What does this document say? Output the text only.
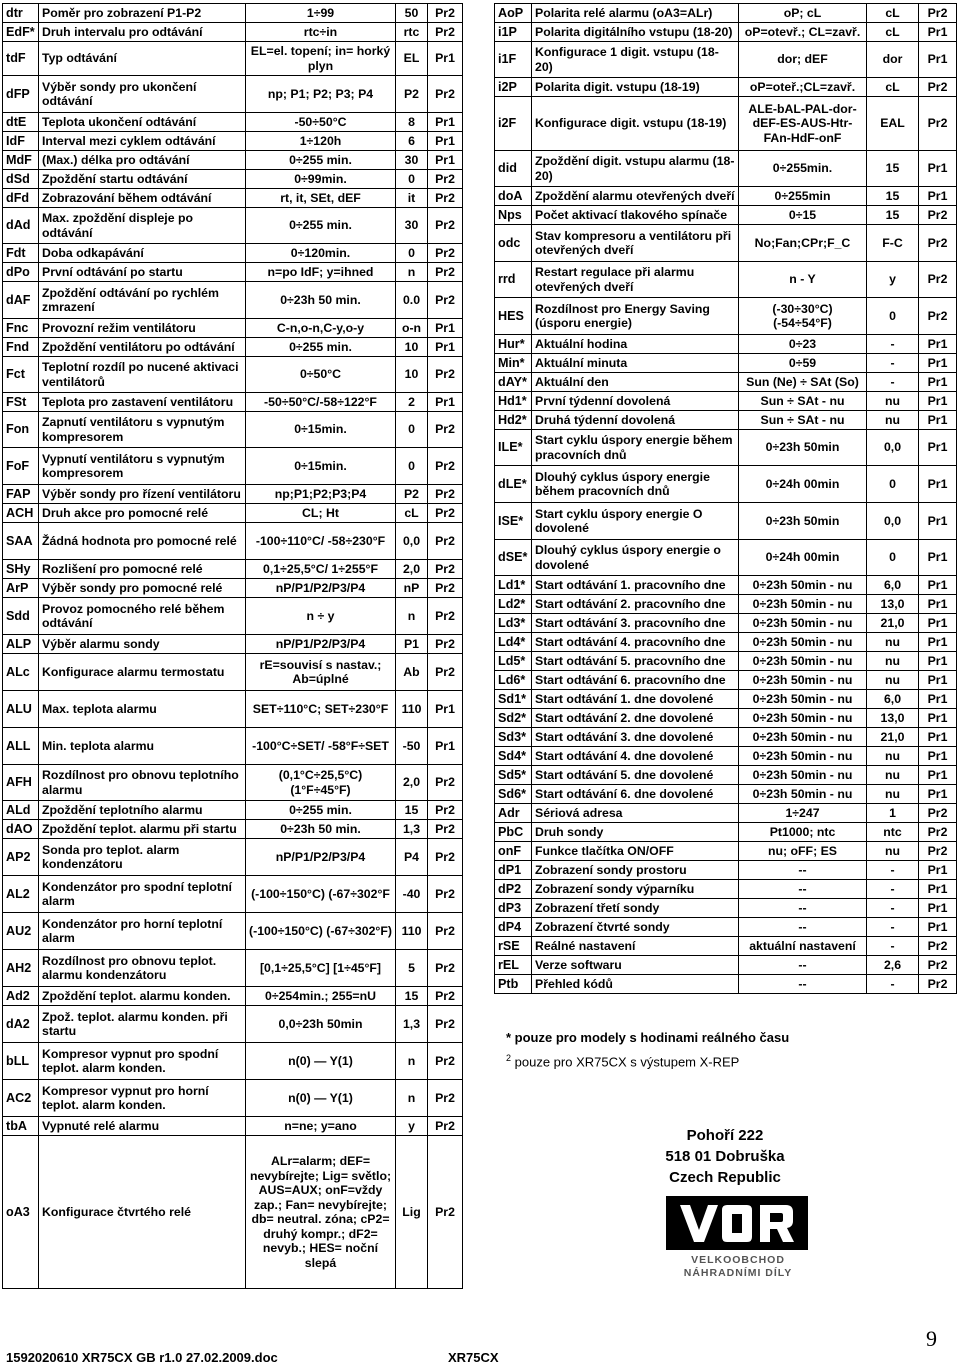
dtr	Poměr pro zobrazení P1-P2	1÷99	50	Pr2
EdF*	Druh intervalu pro odtávání	rtc÷in	rtc	Pr2
tdF	Typ odtávání	EL=el. topení; in= horký plyn	EL	Pr1
dFP	Výběr sondy pro ukončení odtávání	np; P1; P2; P3; P4	P2	Pr2
dtE	Teplota ukončení odtávání	-50÷50°C	8	Pr1
IdF	Interval mezi cyklem odtávání	1÷120h	6	Pr1
MdF	(Max.) délka pro odtávání	0÷255 min.	30	Pr1
dSd	Zpoždění startu odtávání	0÷99min.	0	Pr2
dFd	Zobrazování během odtávání	rt, it, SEt, dEF	it	Pr2
dAd	Max. zpoždění displeje po odtávání	0÷255 min.	30	Pr2
Fdt	Doba odkapávání	0÷120min.	0	Pr2
dPo	První odtávání po startu	n=po IdF; y=ihned	n	Pr2
dAF	Zpoždění odtávání po rychlém zmrazení	0÷23h 50 min.	0.0	Pr2
Fnc	Provozní režim ventilátoru	C-n,o-n,C-y,o-y	o-n	Pr1
Fnd	Zpoždění ventilátoru po odtávání	0÷255 min.	10	Pr1
Fct	Teplotní rozdíl po nucené aktivaci ventilátorů	0÷50°C	10	Pr2
FSt	Teplota pro zastavení ventilátoru	-50÷50°C/-58÷122°F	2	Pr1
Fon	Zapnutí ventilátoru s vypnutým kompresorem	0÷15min.	0	Pr2
FoF	Vypnutí ventilátoru s vypnutým kompresorem	0÷15min.	0	Pr2
FAP	Výběr sondy pro řízení ventilátoru	np;P1;P2;P3;P4	P2	Pr2
ACH	Druh akce pro pomocné relé	CL; Ht	cL	Pr2
SAA	Žádná hodnota pro pomocné relé	-100÷110°C/ -58÷230°F	0,0	Pr2
SHy	Rozlišení pro pomocné relé	0,1÷25,5°C/ 1÷255°F	2,0	Pr2
ArP	Výběr sondy pro pomocné relé	nP/P1/P2/P3/P4	nP	Pr2
Sdd	Provoz pomocného relé během odtávání	n ÷ y	n	Pr2
ALP	Výběr alarmu sondy	nP/P1/P2/P3/P4	P1	Pr2
ALc	Konfigurace alarmu termostatu	rE=souvisí s nastav.; Ab=úplné	Ab	Pr2
ALU	Max. teplota alarmu	SET÷110°C; SET÷230°F	110	Pr1
ALL	Min. teplota alarmu	-100°C÷SET/ -58°F÷SET	-50	Pr1
AFH	Rozdílnost pro obnovu teplotního alarmu	(0,1°C÷25,5°C) (1°F÷45°F)	2,0	Pr2
ALd	Zpoždění teplotního alarmu	0÷255 min.	15	Pr2
dAO	Zpoždění teplot. alarmu při startu	0÷23h 50 min.	1,3	Pr2
AP2	Sonda pro teplot. alarm kondenzátoru	nP/P1/P2/P3/P4	P4	Pr2
AL2	Kondenzátor pro spodní teplotní alarm	(-100÷150°C) (-67÷302°F	-40	Pr2
AU2	Kondenzátor pro horní teplotní alarm	(-100÷150°C) (-67÷302°F)	110	Pr2
AH2	Rozdílnost pro obnovu teplot. alarmu kondenzátoru	[0,1÷25,5°C] [1÷45°F]	5	Pr2
Ad2	Zpoždění teplot. alarmu konden.	0÷254min.; 255=nU	15	Pr2
dA2	Zpož. teplot. alarmu konden. při startu	0,0÷23h 50min	1,3	Pr2
bLL	Kompresor vypnut pro spodní teplot. alarm konden.	n(0) — Y(1)	n	Pr2
AC2	Kompresor vypnut pro horní teplot. alarm konden.	n(0) — Y(1)	n	Pr2
tbA	Vypnuté relé alarmu	n=ne; y=ano	y	Pr2
oA3	Konfigurace čtvrtého relé	ALr=alarm; dEF= nevybírejte; Lig= světlo; AUS=AUX; onF=vždy zap.; Fan= nevybírejte; db= neutral. zóna; cP2= druhý kompr.; dF2= nevyb.; HES= noční slepá	Lig	Pr2
AoP	Polarita relé alarmu (oA3=ALr)	oP; cL	cL	Pr2
i1P	Polarita digitálního vstupu (18-20)	oP=otevř.; CL=zavř.	cL	Pr1
i1F	Konfigurace 1 digit. vstupu (18-20)	dor; dEF	dor	Pr1
i2P	Polarita digit. vstupu (18-19)	oP=oteř.;CL=zavř.	cL	Pr2
i2F	Konfigurace digit. vstupu (18-19)	ALE-bAL-PAL-dor-dEF-ES-AUS-Htr-FAn-HdF-onF	EAL	Pr2
did	Zpoždění digit. vstupu alarmu (18-20)	0÷255min.	15	Pr1
doA	Zpoždění alarmu otevřených dveří	0÷255min	15	Pr1
Nps	Počet aktivací tlakového spínače	0÷15	15	Pr2
odc	Stav kompresoru a ventilátoru při otevřených dveří	No;Fan;CPr;F_C	F-C	Pr2
rrd	Restart regulace při alarmu otevřených dveří	n - Y	y	Pr2
HES	Rozdílnost pro Energy Saving (úsporu energie)	(-30÷30°C) (-54÷54°F)	0	Pr2
Hur*	Aktuální hodina	0÷23	-	Pr1
Min*	Aktuální minuta	0÷59	-	Pr1
dAY*	Aktuální den	Sun (Ne) ÷ SAt (So)	-	Pr1
Hd1*	První týdenní dovolená	Sun ÷ SAt - nu	nu	Pr1
Hd2*	Druhá týdenní dovolená	Sun ÷ SAt - nu	nu	Pr1
ILE*	Start cyklu úspory energie během pracovních dnů	0÷23h 50min	0,0	Pr1
dLE*	Dlouhý cyklus úspory energie během pracovních dnů	0÷24h 00min	0	Pr1
ISE*	Start cyklu úspory energie O dovolené	0÷23h 50min	0,0	Pr1
dSE*	Dlouhý cyklus úspory energie o dovolené	0÷24h 00min	0	Pr1
Ld1*	Start odtávání 1. pracovního dne	0÷23h 50min - nu	6,0	Pr1
Ld2*	Start odtávání 2. pracovního dne	0÷23h 50min - nu	13,0	Pr1
Ld3*	Start odtávání 3. pracovního dne	0÷23h 50min - nu	21,0	Pr1
Ld4*	Start odtávání 4. pracovního dne	0÷23h 50min - nu	nu	Pr1
Ld5*	Start odtávání 5. pracovního dne	0÷23h 50min - nu	nu	Pr1
Ld6*	Start odtávání 6. pracovního dne	0÷23h 50min - nu	nu	Pr1
Sd1*	Start odtávání 1. dne dovolené	0÷23h 50min - nu	6,0	Pr1
Sd2*	Start odtávání 2. dne dovolené	0÷23h 50min - nu	13,0	Pr1
Sd3*	Start odtávání 3. dne dovolené	0÷23h 50min - nu	21,0	Pr1
Sd4*	Start odtávání 4. dne dovolené	0÷23h 50min - nu	nu	Pr1
Sd5*	Start odtávání 5. dne dovolené	0÷23h 50min - nu	nu	Pr1
Sd6*	Start odtávání 6. dne dovolené	0÷23h 50min - nu	nu	Pr1
Adr	Sériová adresa	1÷247	1	Pr2
PbC	Druh sondy	Pt1000; ntc	ntc	Pr2
onF	Funkce tlačítka ON/OFF	nu; oFF; ES	nu	Pr2
dP1	Zobrazení sondy prostoru	--	-	Pr1
dP2	Zobrazení sondy výparníku	--	-	Pr1
dP3	Zobrazení třetí sondy	--	-	Pr1
dP4	Zobrazení čtvrté sondy	--	-	Pr1
rSE	Reálné nastavení	aktuální nastavení	-	Pr2
rEL	Verze softwaru	--	2,6	Pr2
Ptb	Přehled kódů	--	-	Pr2
* pouze pro modely s hodinami reálného času
$^2$ pouze pro XR75CX s výstupem X-REP
Pohoří 222
518 01 Dobruška
Czech Republic
VELKOOBCHOD
NÁHRADNÍMI DÍLY
1592020610 XR75CX GB r1.0 27.02.2009.doc	XR75CX
9
